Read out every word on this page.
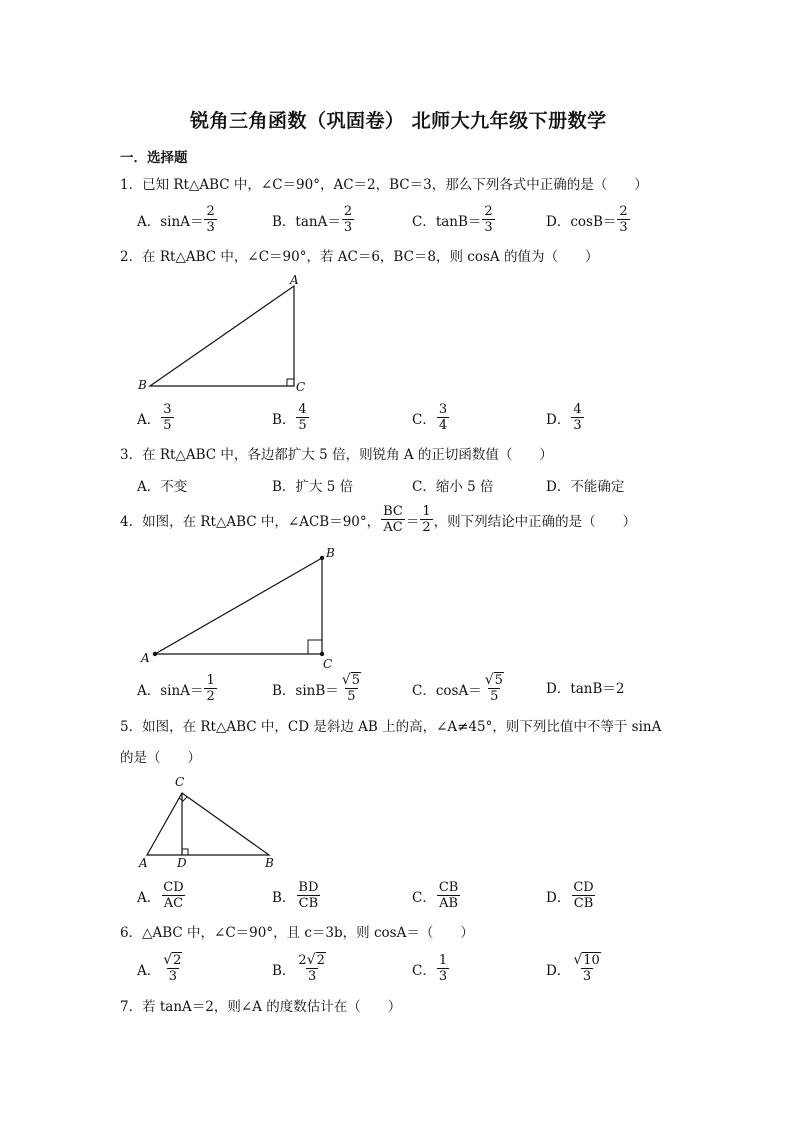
锐角三角函数（巩固卷） 北师大九年级下册数学
一．选择题
1．已知 Rt△ABC 中，∠C＝90°，AC＝2，BC＝3，那么下列各式中正确的是（　　）
A．$\sin A= \frac{2}{3}$	B．$\tan A= \frac{2}{3}$	C．$\tan B= \frac{2}{3}$	D．$\cos B= \frac{2}{3}$
2．在 Rt△ABC 中，∠C＝90°，若 AC＝6，BC＝8，则 cosA 的值为（　　）
A
B	C
A． $\frac{3}{5}$	B． $\frac{4}{5}$	C． $\frac{3}{4}$	D． $\frac{4}{3}$
3．在 Rt△ABC 中，各边都扩大 5 倍，则锐角 A 的正切函数值（　　）
A．不变	B．扩大 5 倍	C．缩小 5 倍	D．不能确定
4．如图，在 Rt△ABC 中，∠ACB＝90°， $\frac{BC}{AC} = \frac{1}{2}$ ，则下列结论中正确的是（　　）
A
B
C
A．$\sin A= \frac{1}{2}$	B．$\sin B= \frac{√5}{5}$	C．$\cos A= \frac{√5}{5}$	D．tanB＝2
5．如图，在 Rt△ABC 中，CD 是斜边 AB 上的高，∠A≠45°，则下列比值中不等于 sinA
的是（　　）
C
A D	B
A． $\frac{CD}{AC}$	B． $\frac{BD}{CB}$	C． $\frac{CB}{AB}$	D． $\frac{CD}{CB}$
6．△ABC 中，∠C＝90°，且 c＝3b，则 cosA＝（　　）
A． $\frac{√2}{3}$	B． $\frac{2√2}{3}$	C． $\frac{1}{3}$	D． $\frac{√10}{3}$
7．若 tanA＝2，则∠A 的度数估计在（　　）
